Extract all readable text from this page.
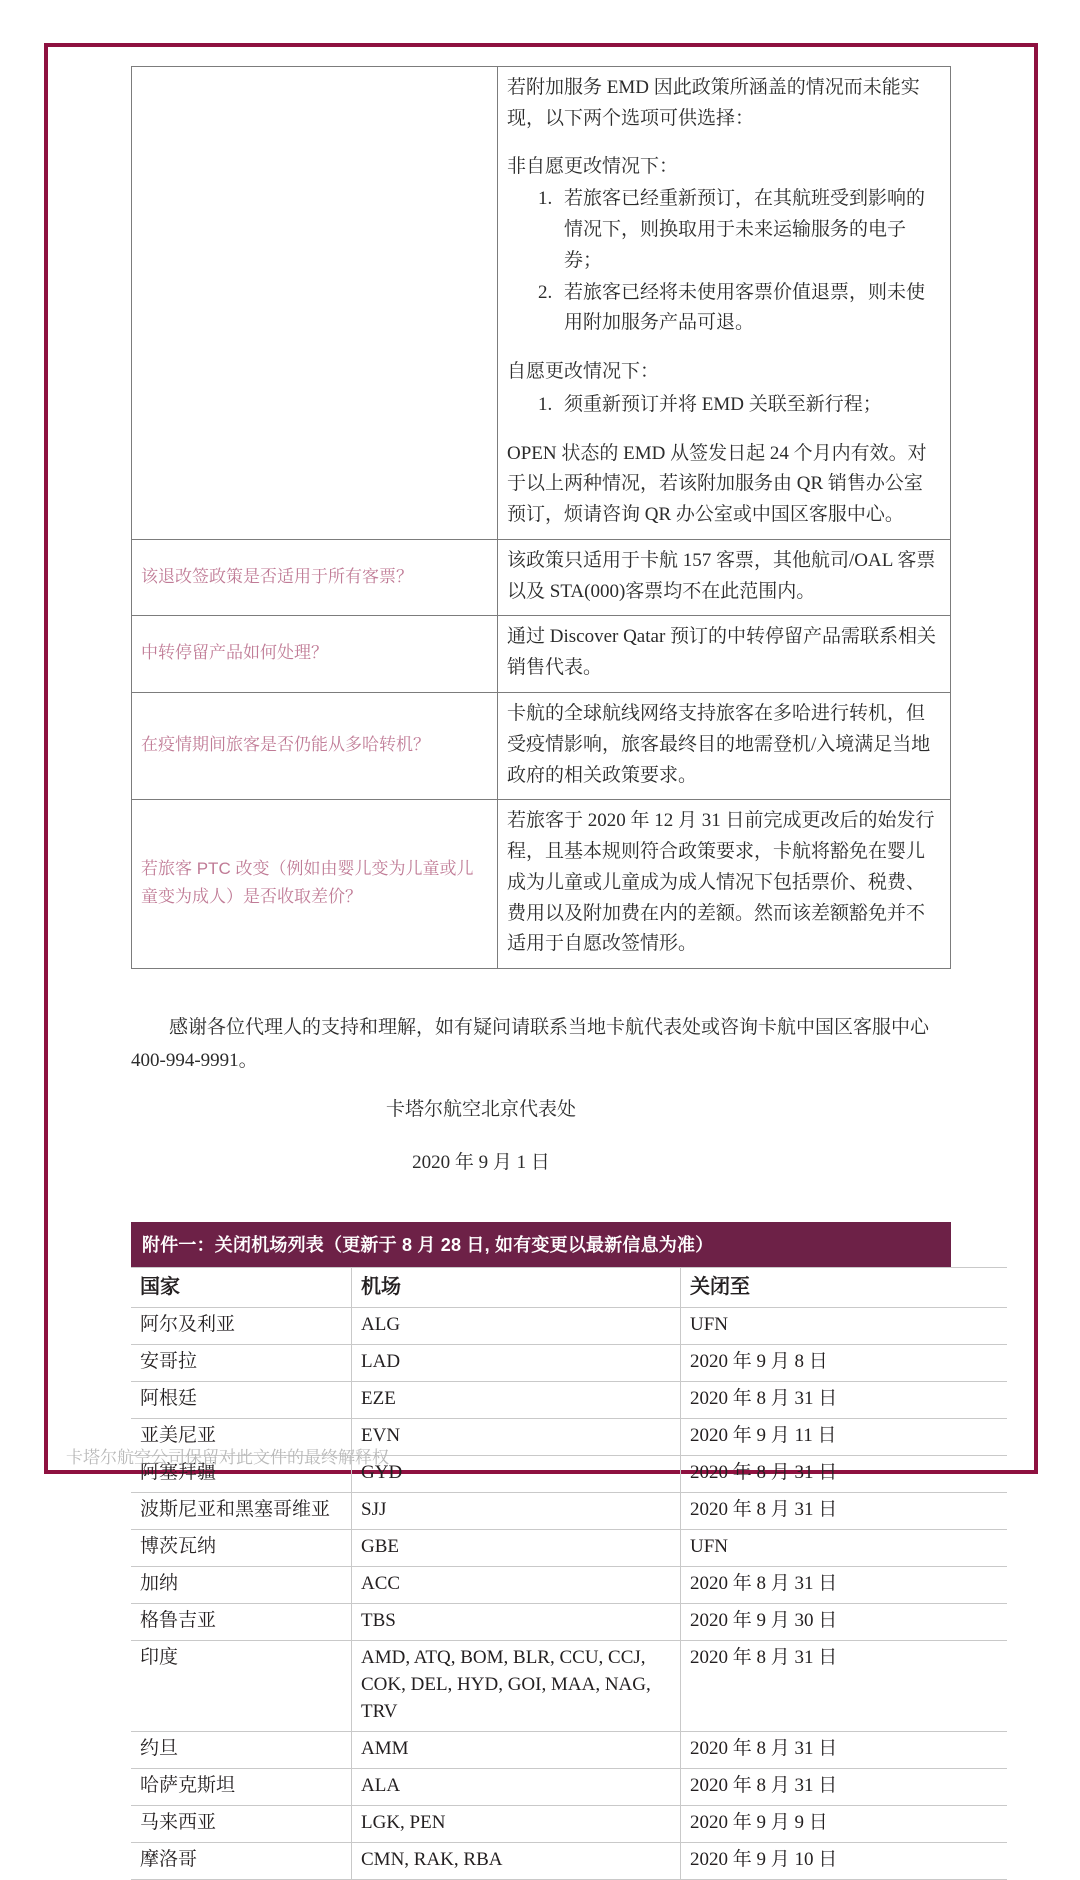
若附加服务 EMD 因此政策所涵盖的情况而未能实现，以下两个选项可供选择：
非自愿更改情况下：
1. 若旅客已经重新预订，在其航班受到影响的情况下，则换取用于未来运输服务的电子券；
2. 若旅客已经将未使用客票价值退票，则未使用附加服务产品可退。
自愿更改情况下：
1. 须重新预订并将 EMD 关联至新行程；
OPEN 状态的 EMD 从签发日起 24 个月内有效。对于以上两种情况，若该附加服务由 QR 销售办公室预订，烦请咨询 QR 办公室或中国区客服中心。

该退改签政策是否适用于所有客票？	该政策只适用于卡航 157 客票，其他航司/OAL 客票以及 STA(000)客票均不在此范围内。
中转停留产品如何处理？	通过 Discover Qatar 预订的中转停留产品需联系相关销售代表。
在疫情期间旅客是否仍能从多哈转机？	卡航的全球航线网络支持旅客在多哈进行转机，但受疫情影响，旅客最终目的地需登机/入境满足当地政府的相关政策要求。
若旅客 PTC 改变（例如由婴儿变为儿童或儿童变为成人）是否收取差价？	若旅客于 2020 年 12 月 31 日前完成更改后的始发行程，且基本规则符合政策要求，卡航将豁免在婴儿成为儿童或儿童成为成人情况下包括票价、税费、费用以及附加费在内的差额。然而该差额豁免并不适用于自愿改签情形。
感谢各位代理人的支持和理解，如有疑问请联系当地卡航代表处或咨询卡航中国区客服中心 400-994-9991。
卡塔尔航空北京代表处
2020 年 9 月 1 日
附件一：关闭机场列表（更新于 8 月 28 日, 如有变更以最新信息为准）
国家	机场	关闭至
阿尔及利亚	ALG	UFN
安哥拉	LAD	2020 年 9 月 8 日
阿根廷	EZE	2020 年 8 月 31 日
亚美尼亚	EVN	2020 年 9 月 11 日
阿塞拜疆	GYD	2020 年 8 月 31 日
波斯尼亚和黑塞哥维亚	SJJ	2020 年 8 月 31 日
博茨瓦纳	GBE	UFN
加纳	ACC	2020 年 8 月 31 日
格鲁吉亚	TBS	2020 年 9 月 30 日
印度	AMD, ATQ, BOM, BLR, CCU, CCJ, COK, DEL, HYD, GOI, MAA, NAG, TRV	2020 年 8 月 31 日
约旦	AMM	2020 年 8 月 31 日
哈萨克斯坦	ALA	2020 年 8 月 31 日
马来西亚	LGK, PEN	2020 年 9 月 9 日
摩洛哥	CMN, RAK, RBA	2020 年 9 月 10 日
卡塔尔航空公司保留对此文件的最终解释权
